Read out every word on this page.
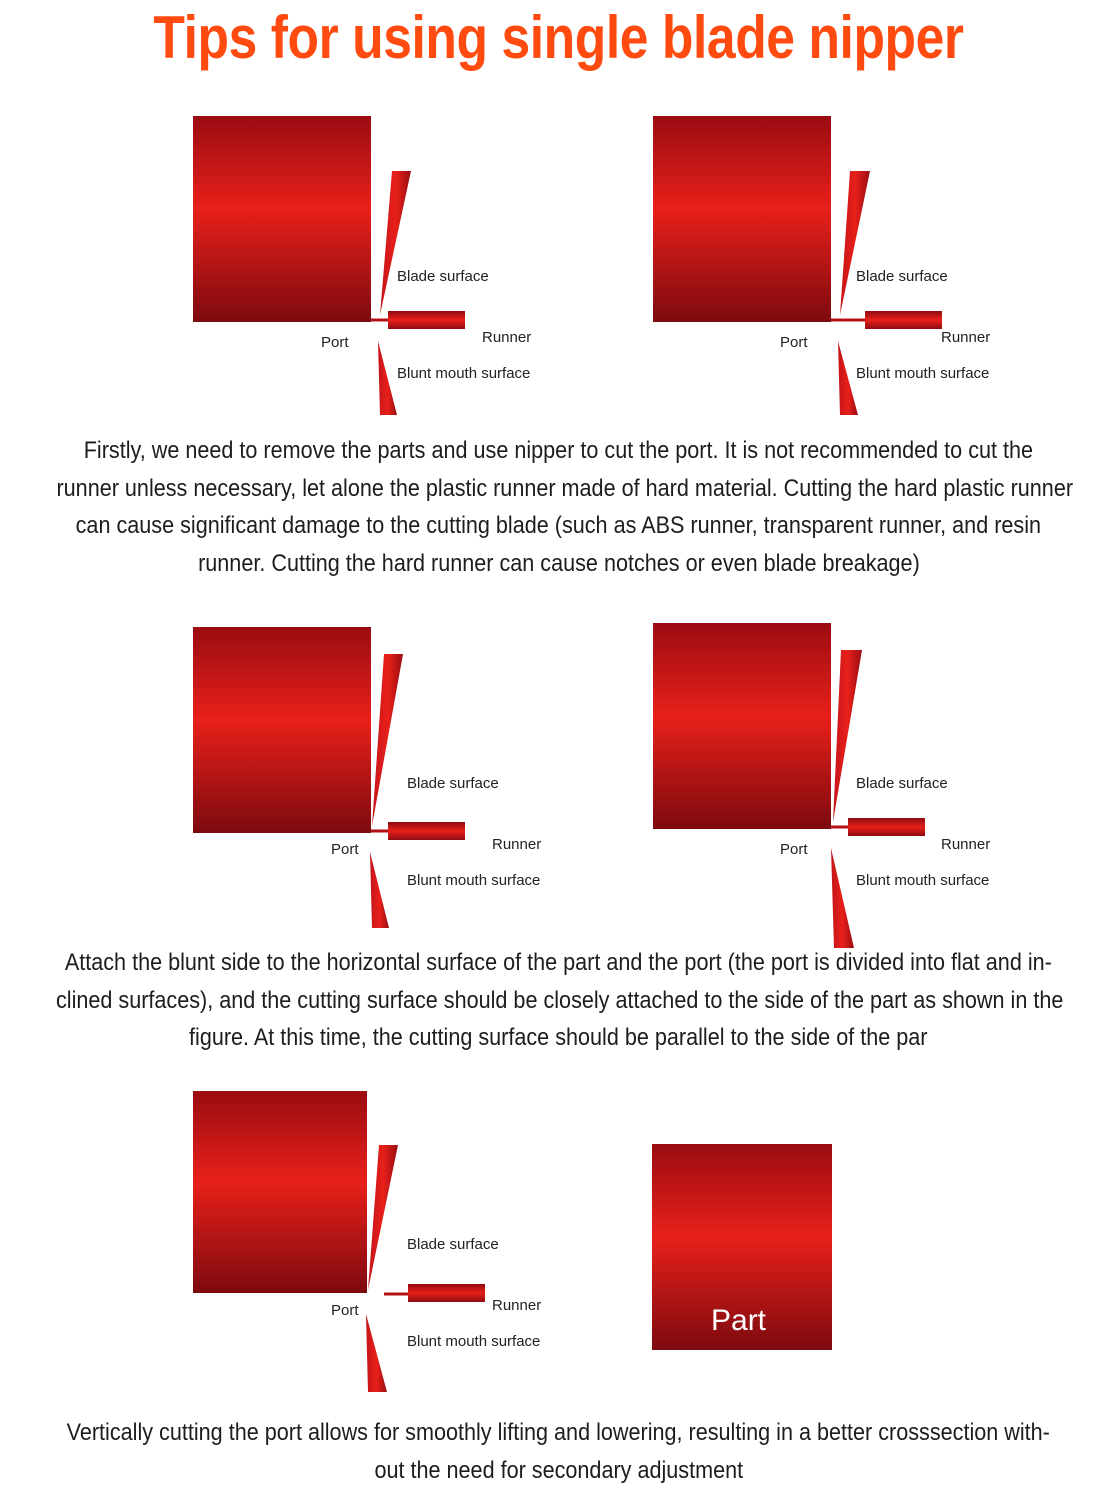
Tips for using single blade nipper
Blade surface
Runner
Port
Blunt mouth surface
Blade surface
Runner
Port
Blunt mouth surface
Firstly, we need to remove the parts and use nipper to cut the port. It is not recommended to cut the
runner unless necessary, let alone the plastic runner made of hard material. Cutting the hard plastic runner
can cause significant damage to the cutting blade (such as ABS runner, transparent runner, and resin
runner. Cutting the hard runner can cause notches or even blade breakage)
Blade surface
Runner
Port
Blunt mouth surface
Blade surface
Runner
Port
Blunt mouth surface
Attach the blunt side to the horizontal surface of the part and the port (the port is divided into flat and in-
clined surfaces), and the cutting surface should be closely attached to the side of the part as shown in the
figure. At this time, the cutting surface should be parallel to the side of the par
Blade surface
Runner
Port
Blunt mouth surface
Part
Vertically cutting the port allows for smoothly lifting and lowering, resulting in a better crosssection with-
out the need for secondary adjustment
